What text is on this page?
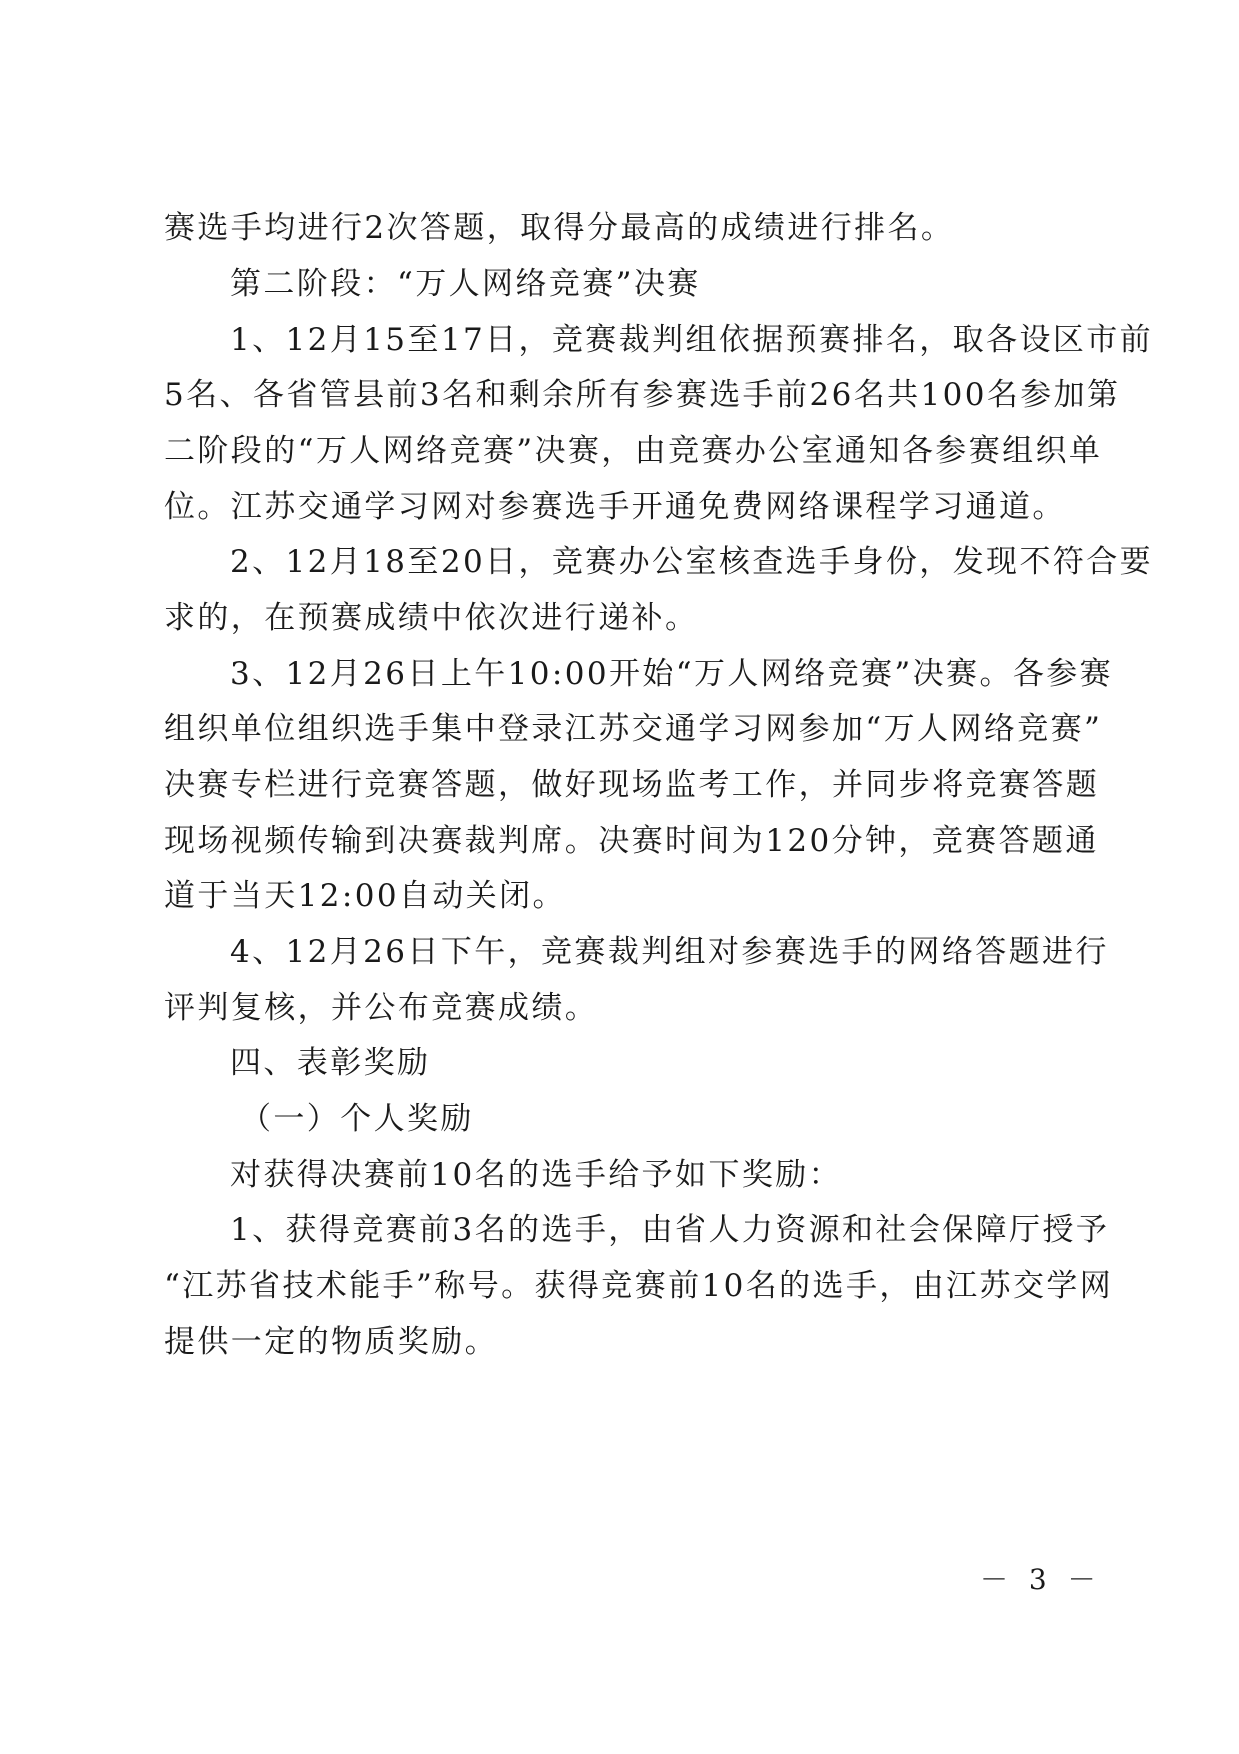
赛选手均进行2次答题，取得分最高的成绩进行排名。
第二阶段：“万人网络竞赛”决赛
1、12月15至17日，竞赛裁判组依据预赛排名，取各设区市前
5名、各省管县前3名和剩余所有参赛选手前26名共100名参加第
二阶段的“万人网络竞赛”决赛，由竞赛办公室通知各参赛组织单
位。江苏交通学习网对参赛选手开通免费网络课程学习通道。
2、12月18至20日，竞赛办公室核查选手身份，发现不符合要
求的，在预赛成绩中依次进行递补。
3、12月26日上午10:00开始“万人网络竞赛”决赛。各参赛
组织单位组织选手集中登录江苏交通学习网参加“万人网络竞赛”
决赛专栏进行竞赛答题，做好现场监考工作，并同步将竞赛答题
现场视频传输到决赛裁判席。决赛时间为120分钟，竞赛答题通
道于当天12:00自动关闭。
4、12月26日下午，竞赛裁判组对参赛选手的网络答题进行
评判复核，并公布竞赛成绩。
四、表彰奖励
（一）个人奖励
对获得决赛前10名的选手给予如下奖励：
1、获得竞赛前3名的选手，由省人力资源和社会保障厅授予
“江苏省技术能手”称号。获得竞赛前10名的选手，由江苏交学网
提供一定的物质奖励。
－ 3 －
